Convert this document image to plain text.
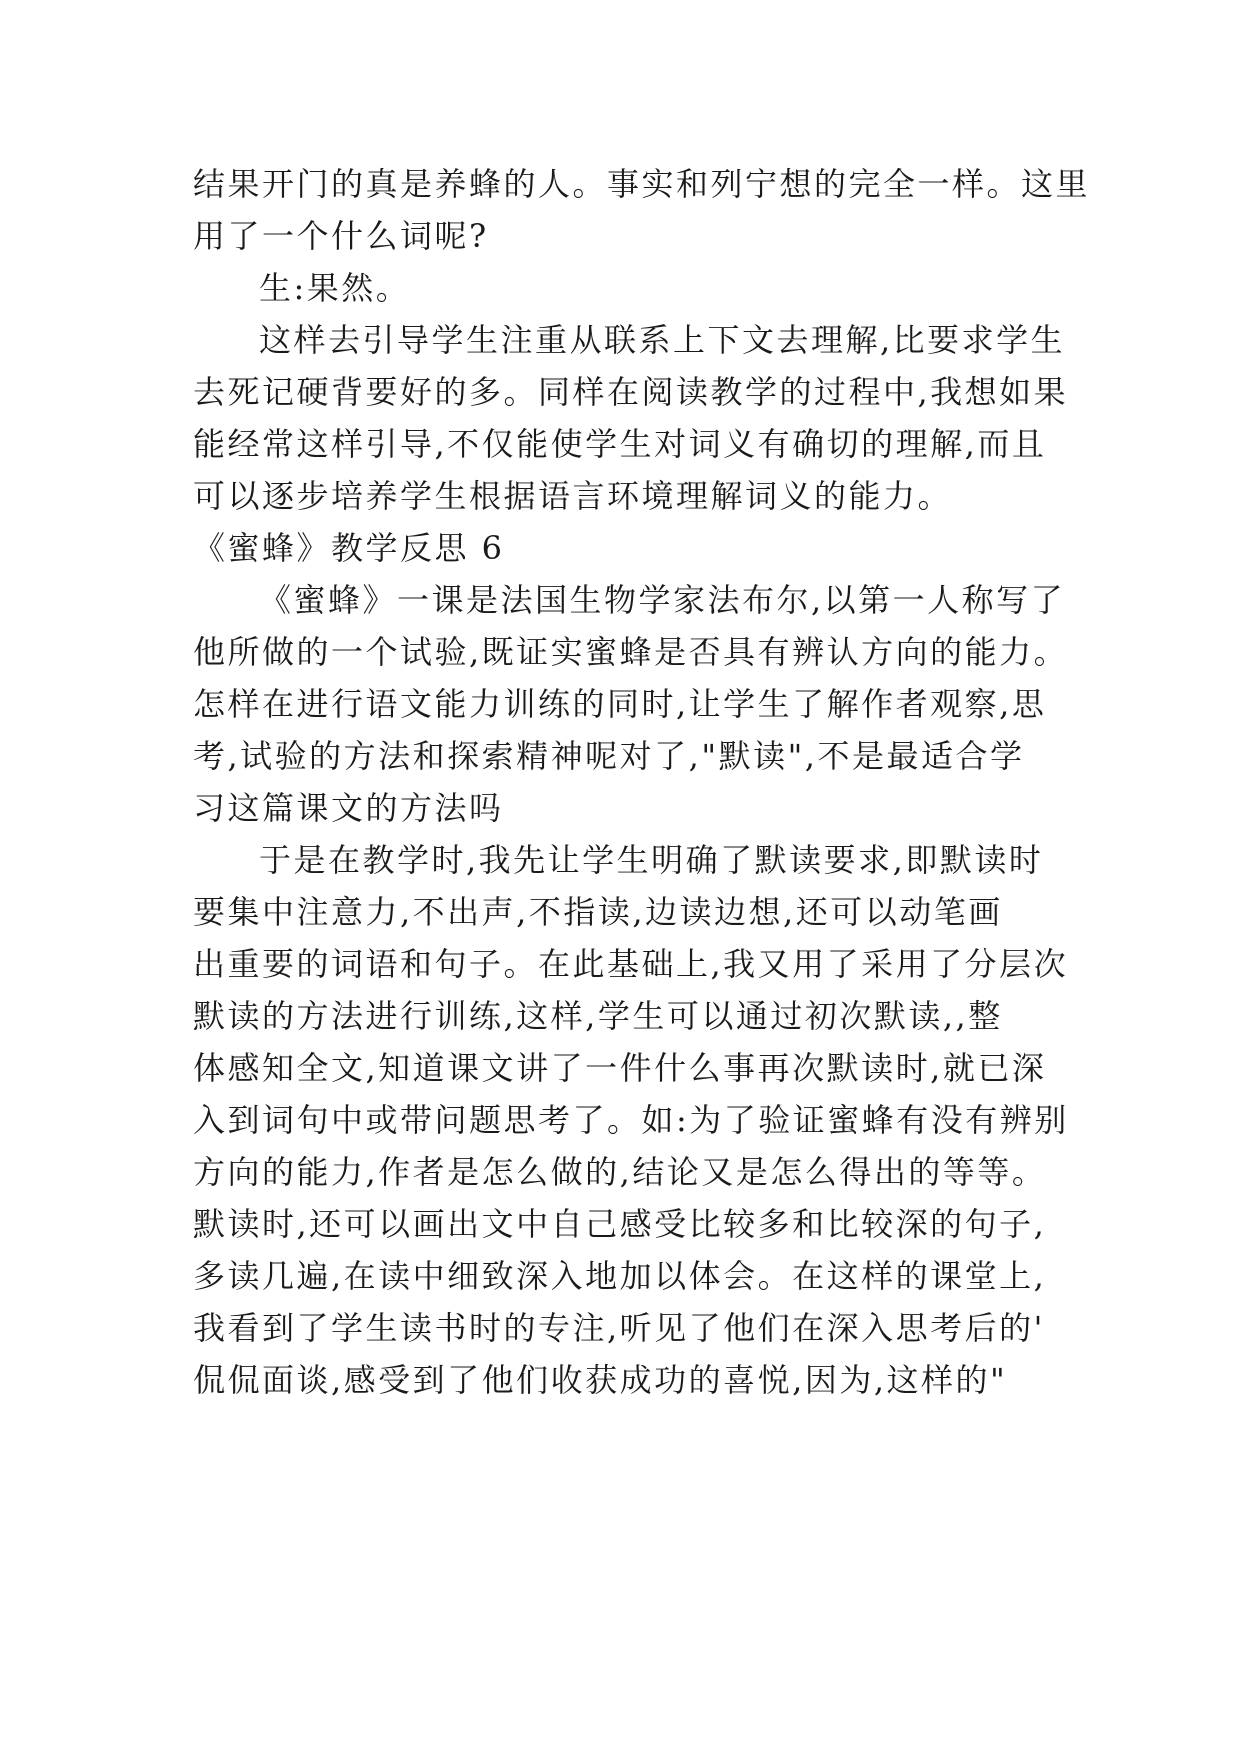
结果开门的真是养蜂的人。事实和列宁想的完全一样。这里

用了一个什么词呢?

生:果然。

这样去引导学生注重从联系上下文去理解,比要求学生

去死记硬背要好的多。同样在阅读教学的过程中,我想如果

能经常这样引导,不仅能使学生对词义有确切的理解,而且

可以逐步培养学生根据语言环境理解词义的能力。

《蜜蜂》教学反思 6

《蜜蜂》一课是法国生物学家法布尔,以第一人称写了

他所做的一个试验,既证实蜜蜂是否具有辨认方向的能力。

怎样在进行语文能力训练的同时,让学生了解作者观察,思

考,试验的方法和探索精神呢对了,"默读",不是最适合学

习这篇课文的方法吗

于是在教学时,我先让学生明确了默读要求,即默读时

要集中注意力,不出声,不指读,边读边想,还可以动笔画

出重要的词语和句子。在此基础上,我又用了采用了分层次

默读的方法进行训练,这样,学生可以通过初次默读,,整

体感知全文,知道课文讲了一件什么事再次默读时,就已深

入到词句中或带问题思考了。如:为了验证蜜蜂有没有辨别

方向的能力,作者是怎么做的,结论又是怎么得出的等等。

默读时,还可以画出文中自己感受比较多和比较深的句子,

多读几遍,在读中细致深入地加以体会。在这样的课堂上,

我看到了学生读书时的专注,听见了他们在深入思考后的'

侃侃面谈,感受到了他们收获成功的喜悦,因为,这样的"
